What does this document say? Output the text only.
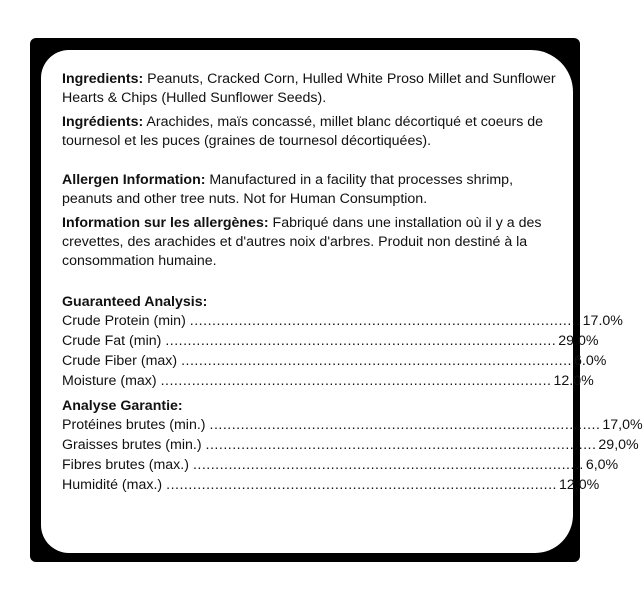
Ingredients: Peanuts, Cracked Corn, Hulled White Proso Millet and Sunflower Hearts & Chips (Hulled Sunflower Seeds).

Ingrédients: Arachides, maïs concassé, millet blanc décortiqué et coeurs de tournesol et les puces (graines de tournesol décortiquées).

Allergen Information: Manufactured in a facility that processes shrimp, peanuts and other tree nuts. Not for Human Consumption.

Information sur les allergènes: Fabriqué dans une installation où il y a des crevettes, des arachides et d'autres noix d'arbres. Produit non destiné à la consommation humaine.

Guaranteed Analysis:

Crude Protein (min) ........................................................................................ 17.0%
Crude Fat (min) ........................................................................................ 29.0%
Crude Fiber (max) ........................................................................................ 6.0%
Moisture (max) ........................................................................................ 12.0%

Analyse Garantie:

Protéines brutes (min.) ........................................................................................ 17,0%
Graisses brutes (min.) ........................................................................................ 29,0%
Fibres brutes (max.) ........................................................................................ 6,0%
Humidité (max.) ........................................................................................ 12,0%
